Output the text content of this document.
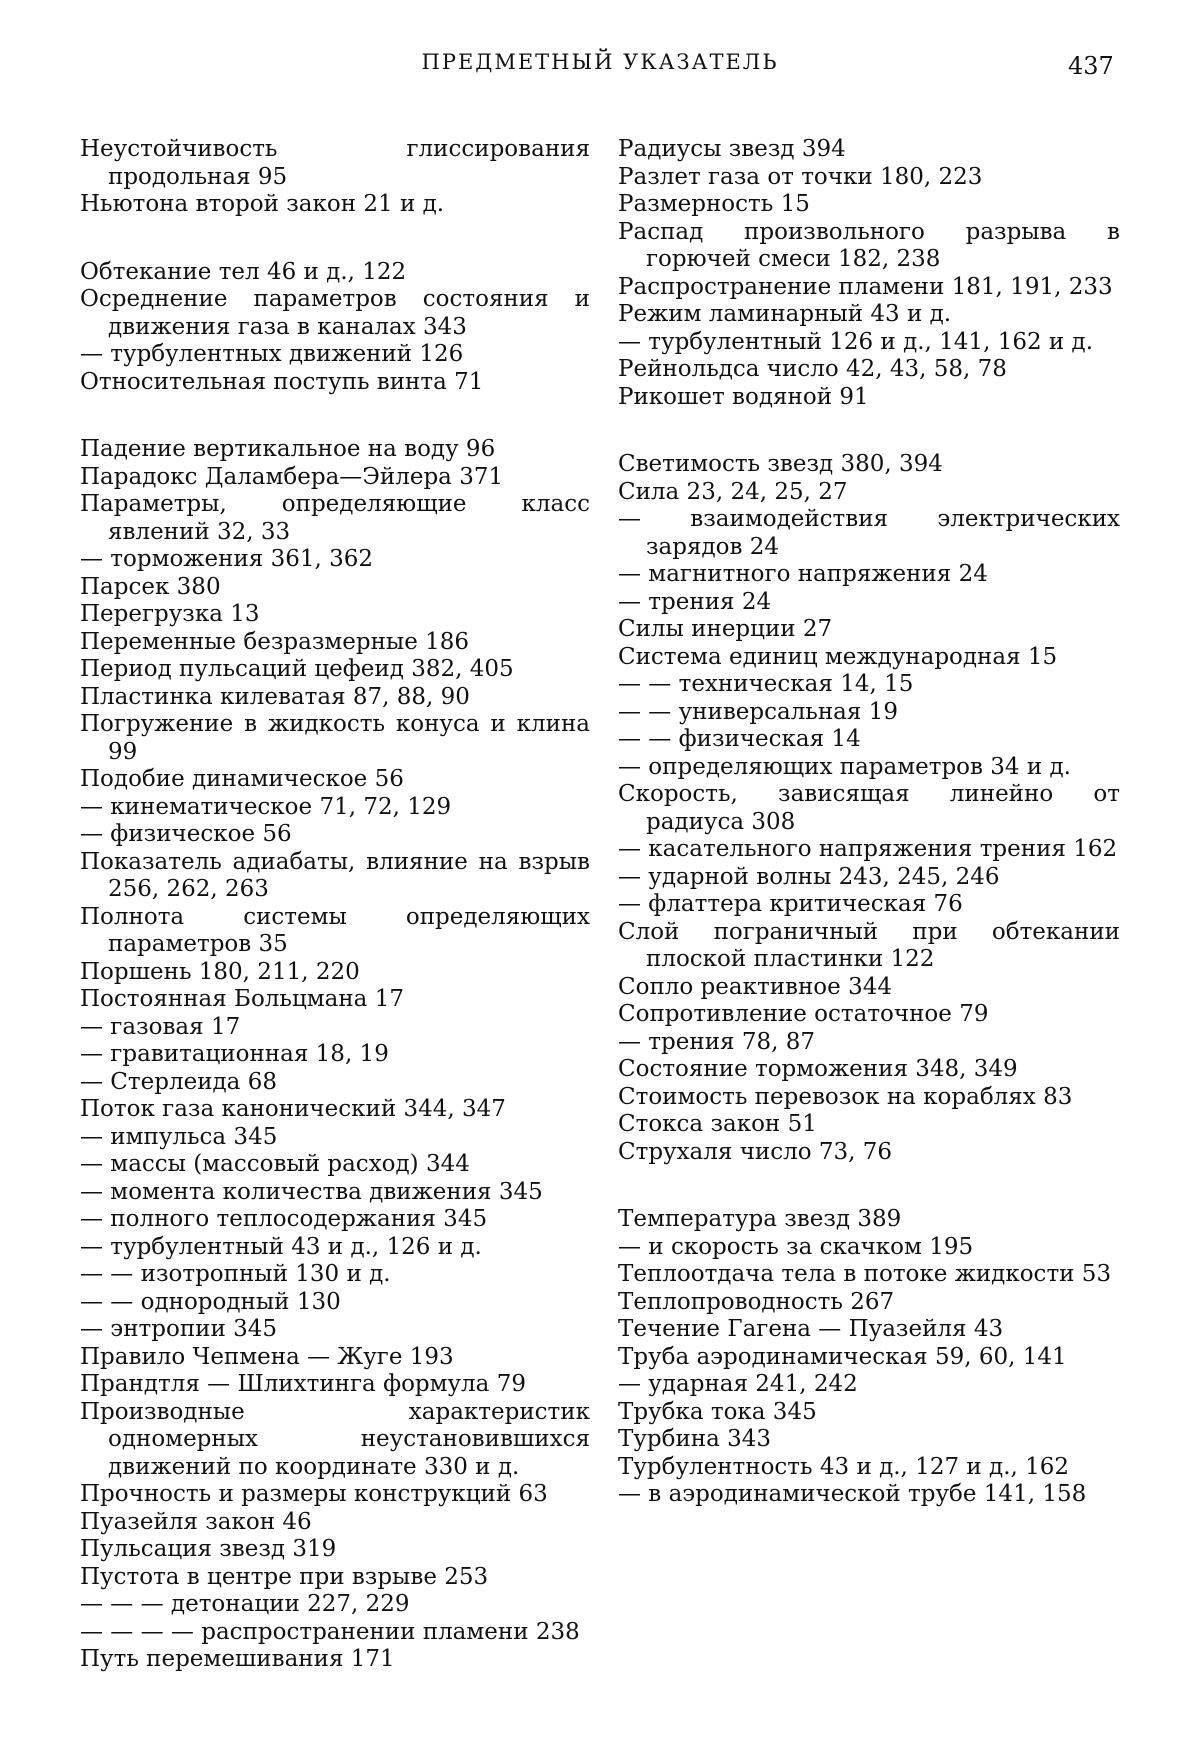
ПРЕДМЕТНЫЙ УКАЗАТЕЛЬ	437

Неустойчивость глиссирования продольная 95

Ньютона второй закон 21 и д.

Обтекание тел 46 и д., 122

Осреднение параметров состояния и движения газа в каналах 343

— турбулентных движений 126

Относительная поступь винта 71

Падение вертикальное на воду 96

Парадокс Даламбера—Эйлера 371

Параметры, определяющие класс явлений 32, 33

— торможения 361, 362

Парсек 380

Перегрузка 13

Переменные безразмерные 186

Период пульсаций цефеид 382, 405

Пластинка килеватая 87, 88, 90

Погружение в жидкость конуса и клина 99

Подобие динамическое 56

— кинематическое 71, 72, 129

— физическое 56

Показатель адиабаты, влияние на взрыв 256, 262, 263

Полнота системы определяющих параметров 35

Поршень 180, 211, 220

Постоянная Больцмана 17

— газовая 17

— гравитационная 18, 19

— Стерлеида 68

Поток газа канонический 344, 347

— импульса 345

— массы (массовый расход) 344

— момента количества движения 345

— полного теплосодержания 345

— турбулентный 43 и д., 126 и д.

— — изотропный 130 и д.

— — однородный 130

— энтропии 345

Правило Чепмена — Жуге 193

Прандтля — Шлихтинга формула 79

Производные характеристик одномерных неустановившихся движений по координате 330 и д.

Прочность и размеры конструкций 63

Пуазейля закон 46

Пульсация звезд 319

Пустота в центре при взрыве 253

— — — детонации 227, 229

— — — — распространении пламени 238

Путь перемешивания 171

Радиусы звезд 394

Разлет газа от точки 180, 223

Размерность 15

Распад произвольного разрыва в горючей смеси 182, 238

Распространение пламени 181, 191, 233

Режим ламинарный 43 и д.

— турбулентный 126 и д., 141, 162 и д.

Рейнольдса число 42, 43, 58, 78

Рикошет водяной 91

Светимость звезд 380, 394

Сила 23, 24, 25, 27

— взаимодействия электрических зарядов 24

— магнитного напряжения 24

— трения 24

Силы инерции 27

Система единиц международная 15

— — техническая 14, 15

— — универсальная 19

— — физическая 14

— определяющих параметров 34 и д.

Скорость, зависящая линейно от радиуса 308

— касательного напряжения трения 162

— ударной волны 243, 245, 246

— флаттера критическая 76

Слой пограничный при обтекании плоской пластинки 122

Сопло реактивное 344

Сопротивление остаточное 79

— трения 78, 87

Состояние торможения 348, 349

Стоимость перевозок на кораблях 83

Стокса закон 51

Струхаля число 73, 76

Температура звезд 389

— и скорость за скачком 195

Теплоотдача тела в потоке жидкости 53

Теплопроводность 267

Течение Гагена — Пуазейля 43

Труба аэродинамическая 59, 60, 141

— ударная 241, 242

Трубка тока 345

Турбина 343

Турбулентность 43 и д., 127 и д., 162

— в аэродинамической трубе 141, 158
